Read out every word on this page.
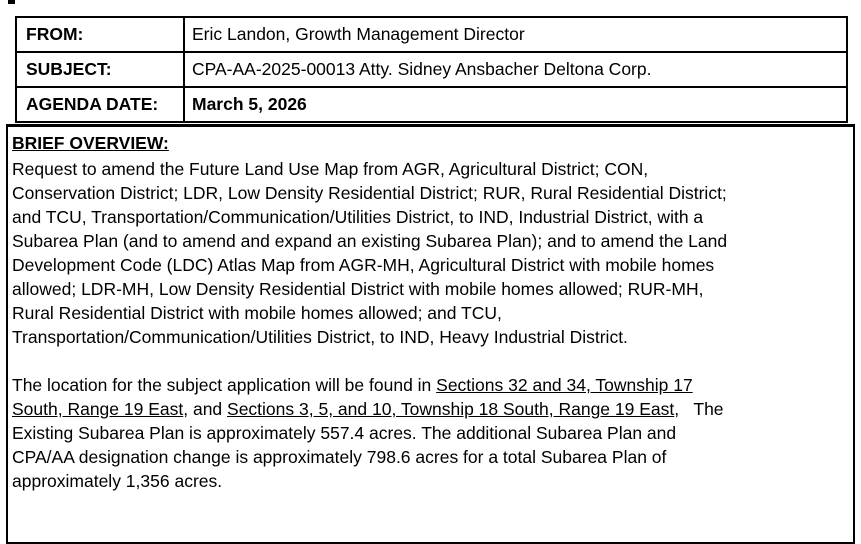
FROM:	Eric Landon, Growth Management Director
SUBJECT:	CPA-AA-2025-00013 Atty. Sidney Ansbacher Deltona Corp.
AGENDA DATE:	March 5, 2026
BRIEF OVERVIEW:
Request to amend the Future Land Use Map from AGR, Agricultural District; CON,
Conservation District; LDR, Low Density Residential District; RUR, Rural Residential District;
and TCU, Transportation/Communication/Utilities District, to IND, Industrial District, with a
Subarea Plan (and to amend and expand an existing Subarea Plan); and to amend the Land
Development Code (LDC) Atlas Map from AGR-MH, Agricultural District with mobile homes
allowed; LDR-MH, Low Density Residential District with mobile homes allowed; RUR-MH,
Rural Residential District with mobile homes allowed; and TCU,
Transportation/Communication/Utilities District, to IND, Heavy Industrial District.
The location for the subject application will be found in Sections 32 and 34, Township 17
South, Range 19 East, and Sections 3, 5, and 10, Township 18 South, Range 19 East,   The
Existing Subarea Plan is approximately 557.4 acres. The additional Subarea Plan and
CPA/AA designation change is approximately 798.6 acres for a total Subarea Plan of
approximately 1,356 acres.
